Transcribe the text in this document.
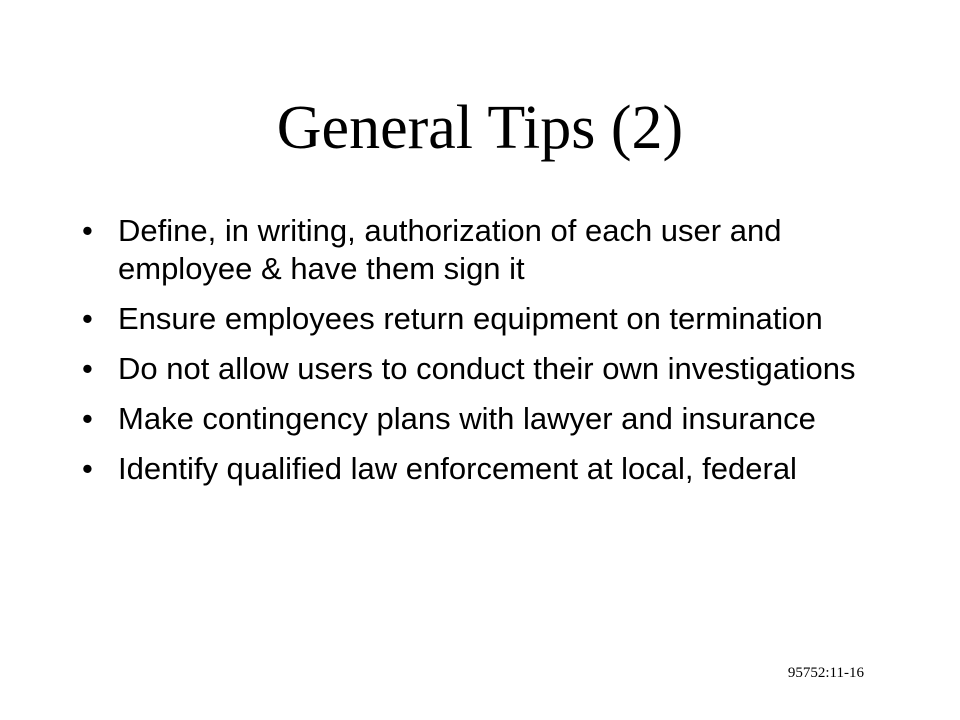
General Tips (2)
• Define, in writing, authorization of each user and employee & have them sign it
• Ensure employees return equipment on termination
• Do not allow users to conduct their own investigations
• Make contingency plans with lawyer and insurance
• Identify qualified law enforcement at local, federal
95752:11-16
